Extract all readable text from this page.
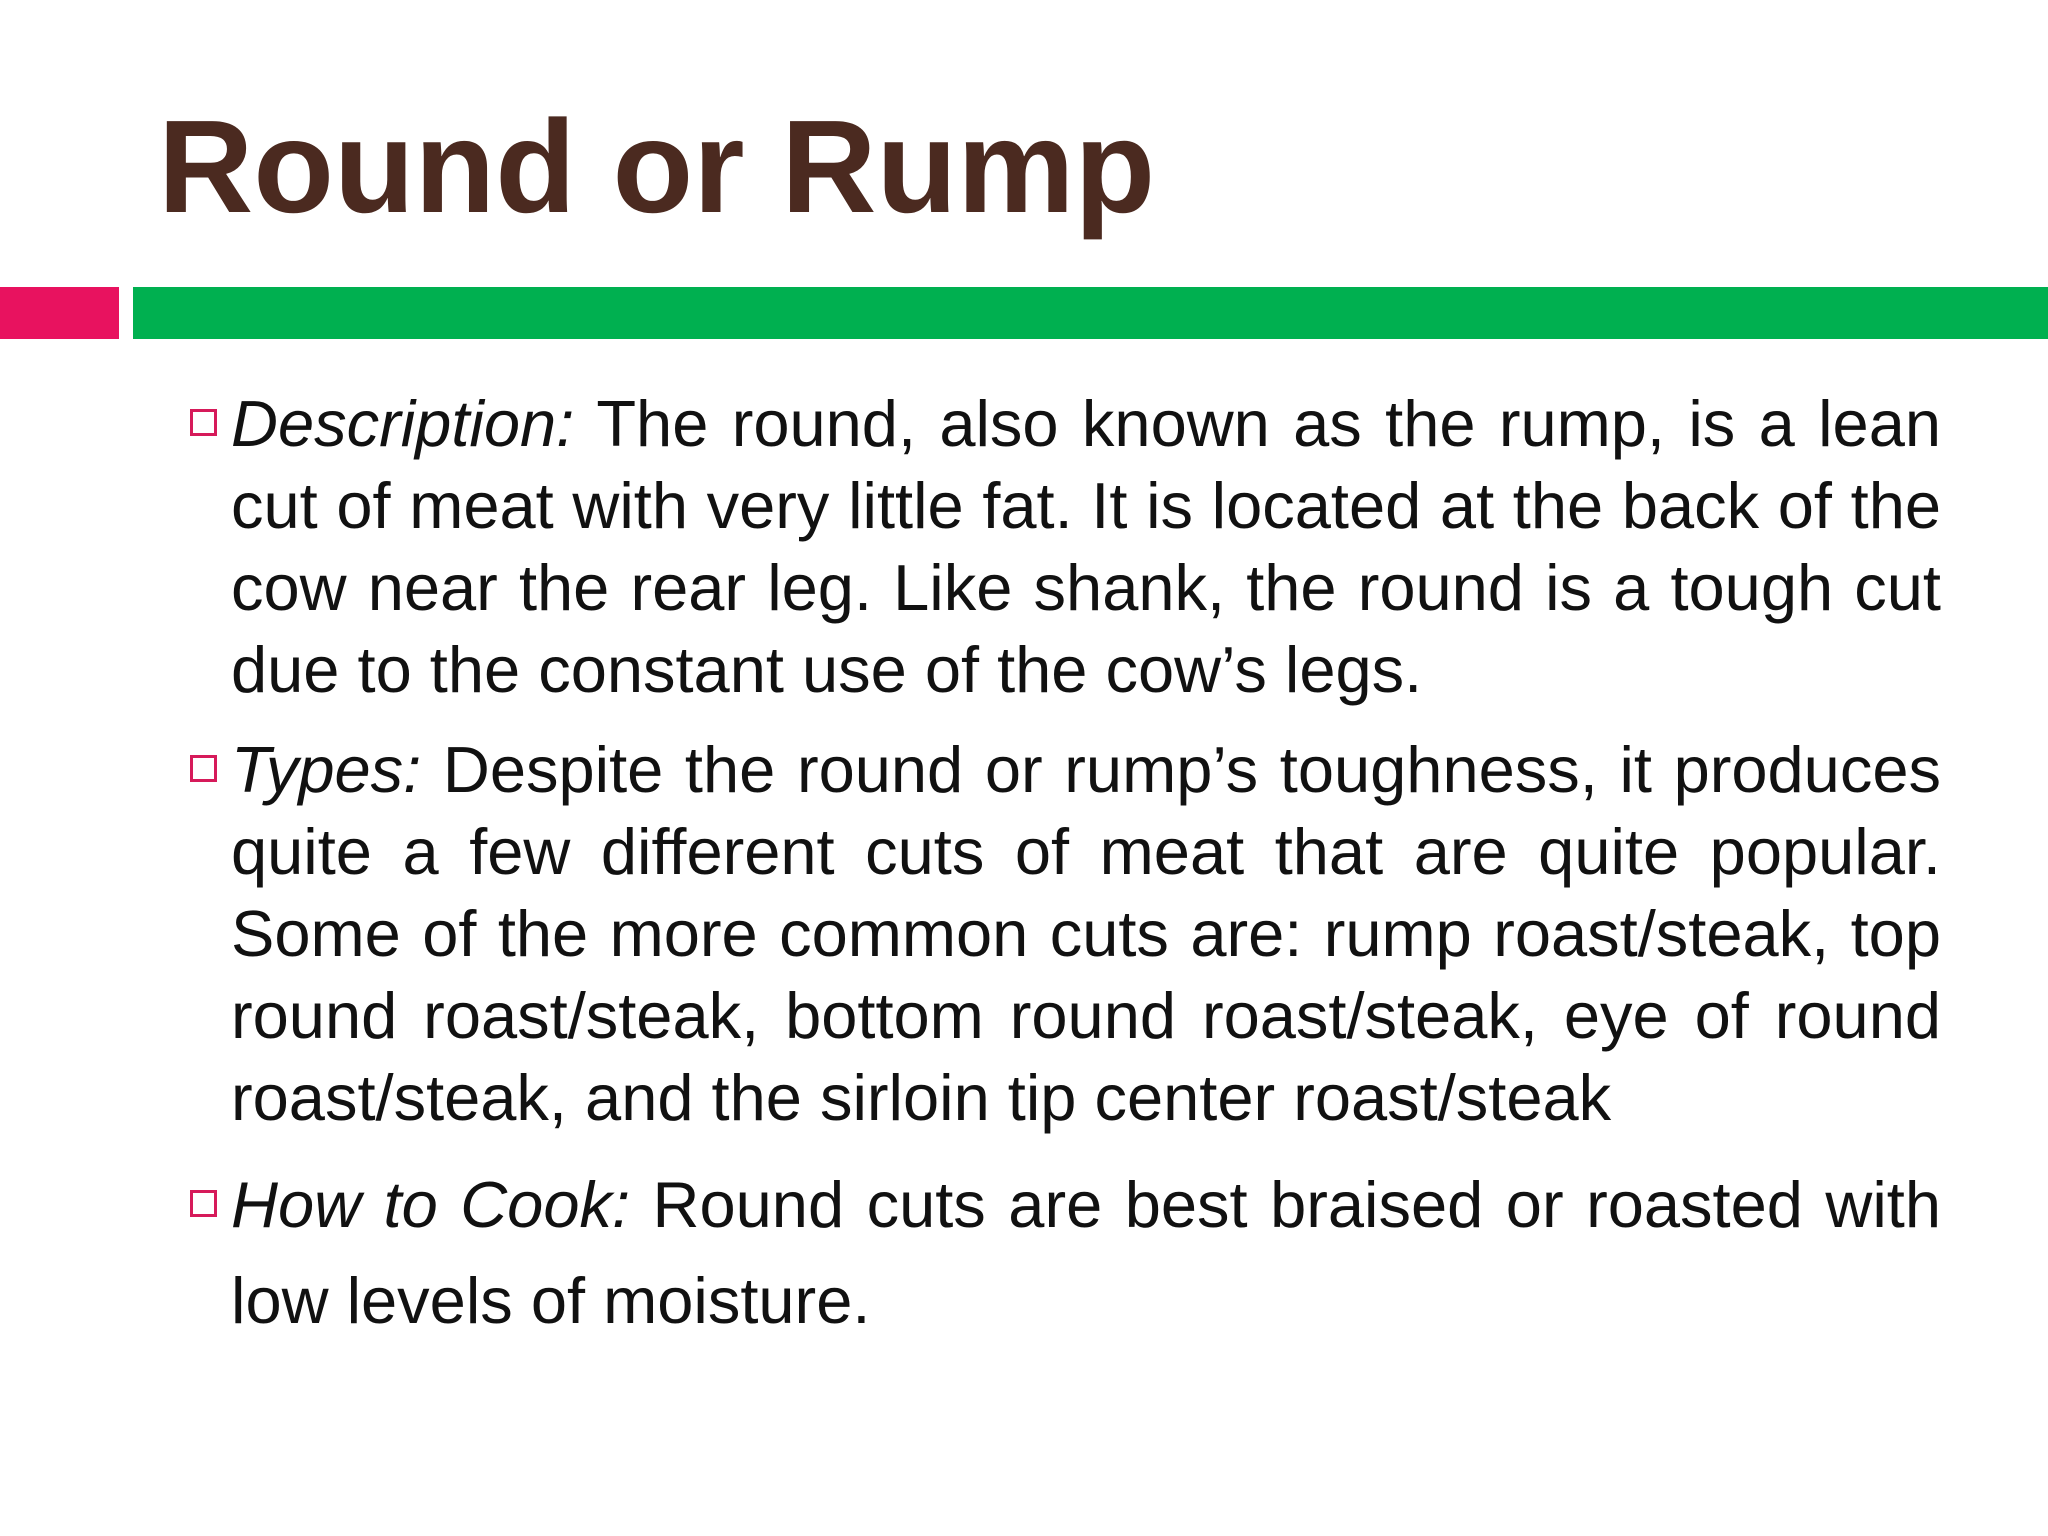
Round or Rump

Description: The round, also known as the rump, is a lean cut of meat with very little fat. It is located at the back of the cow near the rear leg. Like shank, the round is a tough cut due to the constant use of the cow’s legs.

Types: Despite the round or rump’s toughness, it produces quite a few different cuts of meat that are quite popular. Some of the more common cuts are: rump roast/steak, top round roast/steak, bottom round roast/steak, eye of round roast/steak, and the sirloin tip center roast/steak

How to Cook: Round cuts are best braised or roasted with low levels of moisture.
